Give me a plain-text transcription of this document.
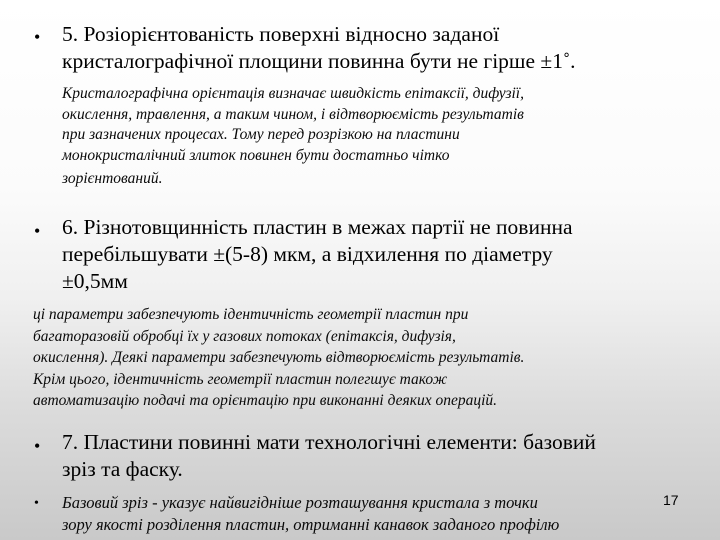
• 5. Розіорієнтованість поверхні відносно заданої
кристалографічної площини повинна бути не гірше ±1˚.

Кристалографічна орієнтація визначає швидкість епітаксії, дифузії,
окислення, травлення, а таким чином, і відтворюємість результатів
при зазначених процесах. Тому перед розрізкою на пластини
монокристалічний злиток повинен бути достатньо чітко
зорієнтований.

• 6. Різнотовщинність пластин в межах партії не повинна
перебільшувати ±(5-8) мкм, а відхилення по діаметру
±0,5мм

ці параметри забезпечують ідентичність геометрії пластин при
багаторазовій обробці їх у газових потоках (епітаксія, дифузія,
окислення). Деякі параметри забезпечують відтворюємість результатів.
Крім цього, ідентичність геометрії пластин полегшує також
автоматизацію подачі та орієнтацію при виконанні деяких операцій.

• 7. Пластини повинні мати технологічні елементи: базовий
зріз та фаску.

• Базовий зріз - указує найвигідніше розташування кристала з точки
зору якості розділення пластин, отриманні канавок заданого профілю

17
